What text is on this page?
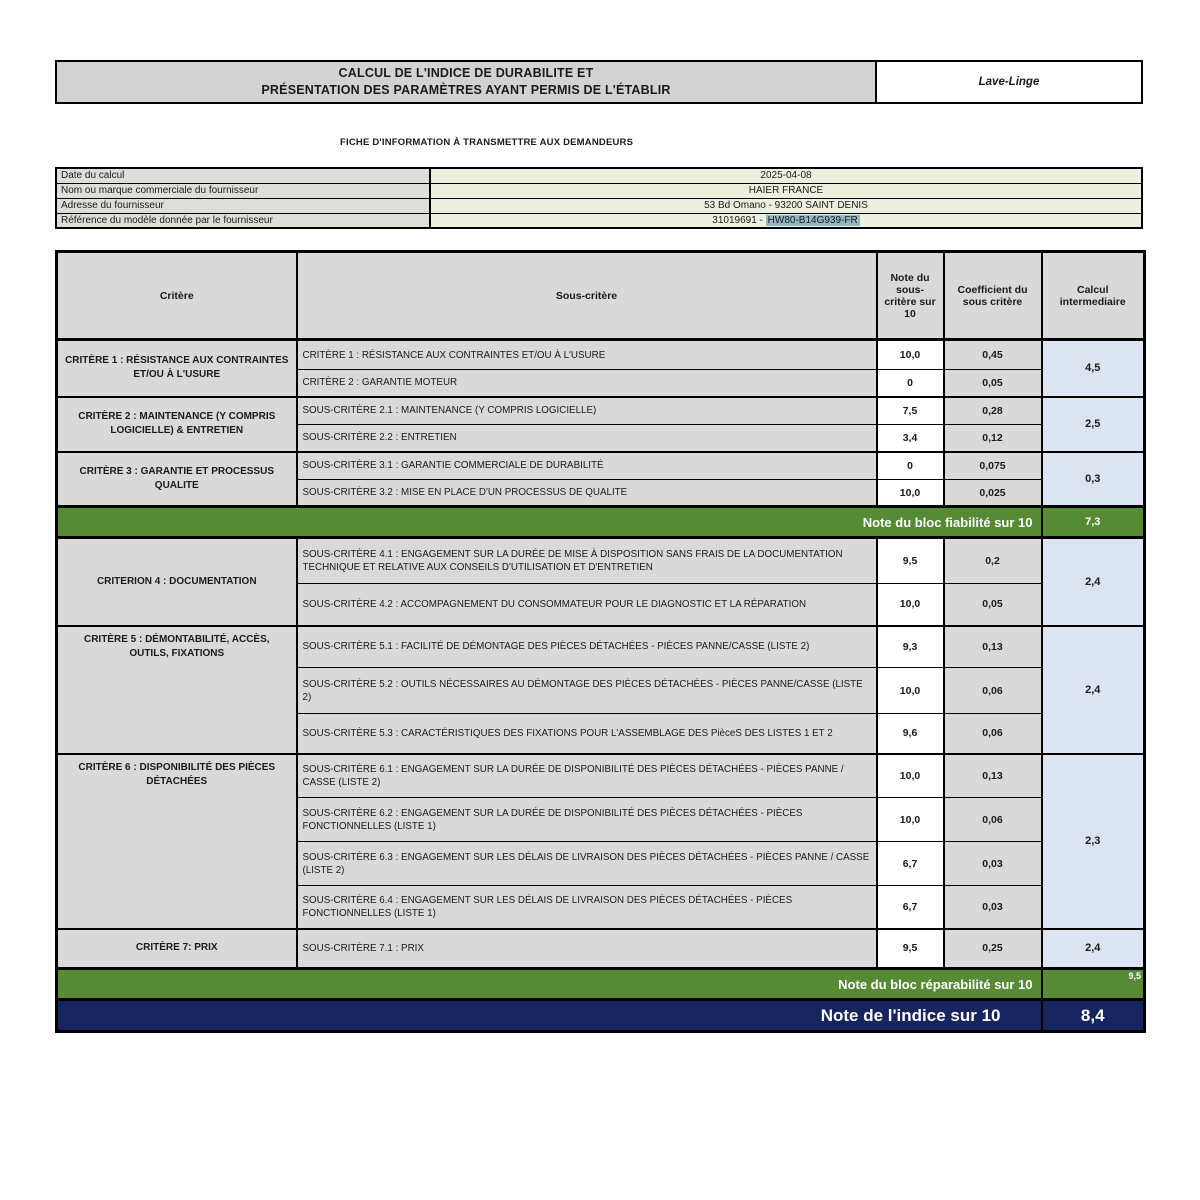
CALCUL DE L'INDICE DE DURABILITE ET
PRÉSENTATION DES PARAMÈTRES AYANT PERMIS DE L'ÉTABLIR
Lave-Linge
FICHE D'INFORMATION À TRANSMETTRE AUX DEMANDEURS
Date du calcul	2025-04-08
Nom ou marque commerciale du fournisseur	HAIER FRANCE
Adresse du fournisseur	53 Bd Omano - 93200 SAINT DENIS
Référence du modèle donnée par le fournisseur	31019691 - HW80-B14G939-FR
Critère	Sous-critère	Note du sous-critère sur 10	Coefficient du sous critère	Calcul intermediaire
CRITÈRE 1 : RÉSISTANCE AUX CONTRAINTES ET/OU À L'USURE	CRITÈRE 1 : RÉSISTANCE AUX CONTRAINTES ET/OU À L'USURE	10,0	0,45	4,5
	CRITÈRE 2 : GARANTIE MOTEUR	0	0,05	
CRITÈRE 2 : MAINTENANCE (Y COMPRIS LOGICIELLE) & ENTRETIEN	SOUS-CRITÈRE 2.1 : MAINTENANCE (Y COMPRIS LOGICIELLE)	7,5	0,28	2,5
	SOUS-CRITÈRE 2.2 : ENTRETIEN	3,4	0,12	
CRITÈRE 3 : GARANTIE ET PROCESSUS QUALITE	SOUS-CRITÈRE 3.1 : GARANTIE COMMERCIALE DE DURABILITÉ	0	0,075	0,3
	SOUS-CRITÈRE 3.2 : MISE EN PLACE D'UN PROCESSUS DE QUALITE	10,0	0,025	
Note du bloc fiabilité sur 10				7,3
CRITERION 4 : DOCUMENTATION	SOUS-CRITÈRE 4.1 : ENGAGEMENT SUR LA DURÉE DE MISE À DISPOSITION SANS FRAIS DE LA DOCUMENTATION TECHNIQUE ET RELATIVE AUX CONSEILS D'UTILISATION ET D'ENTRETIEN	9,5	0,2	2,4
	SOUS-CRITÈRE 4.2 : ACCOMPAGNEMENT DU CONSOMMATEUR POUR LE DIAGNOSTIC ET LA RÉPARATION	10,0	0,05	
CRITÈRE 5 : DÉMONTABILITÉ, ACCÈS, OUTILS, FIXATIONS	SOUS-CRITÈRE 5.1 : FACILITÉ DE DÉMONTAGE DES PIÈCES DÉTACHÉES - PIÈCES PANNE/CASSE (LISTE 2)	9,3	0,13	2,4
	SOUS-CRITÈRE 5.2 : OUTILS NÉCESSAIRES AU DÉMONTAGE DES PIÈCES DÉTACHÉES - PIÈCES PANNE/CASSE (LISTE 2)	10,0	0,06	
	SOUS-CRITÈRE 5.3 : CARACTÉRISTIQUES DES FIXATIONS POUR L'ASSEMBLAGE DES PièceS DES LISTES 1 ET 2	9,6	0,06	
CRITÈRE 6 : DISPONIBILITÉ DES PIÈCES DÉTACHÉES	SOUS-CRITÈRE 6.1 : ENGAGEMENT SUR LA DURÉE DE DISPONIBILITÉ DES PIÈCES DÉTACHÉES - PIÈCES PANNE / CASSE (LISTE 2)	10,0	0,13	2,3
	SOUS-CRITÈRE 6.2 : ENGAGEMENT SUR LA DURÉE DE DISPONIBILITÉ DES PIÈCES DÉTACHÉES - PIÈCES FONCTIONNELLES (LISTE 1)	10,0	0,06	
	SOUS-CRITÈRE 6.3 : ENGAGEMENT SUR LES DÉLAIS DE LIVRAISON DES PIÈCES DÉTACHÉES - PIÈCES PANNE / CASSE (LISTE 2)	6,7	0,03	
	SOUS-CRITÈRE 6.4 : ENGAGEMENT SUR LES DÉLAIS DE LIVRAISON DES PIÈCES DÉTACHÉES - PIÈCES FONCTIONNELLES (LISTE 1)	6,7	0,03	
CRITÈRE 7: PRIX	SOUS-CRITÈRE 7.1 : PRIX	9,5	0,25	2,4
Note du bloc réparabilité sur 10				9,5
Note de l'indice sur 10				8,4
